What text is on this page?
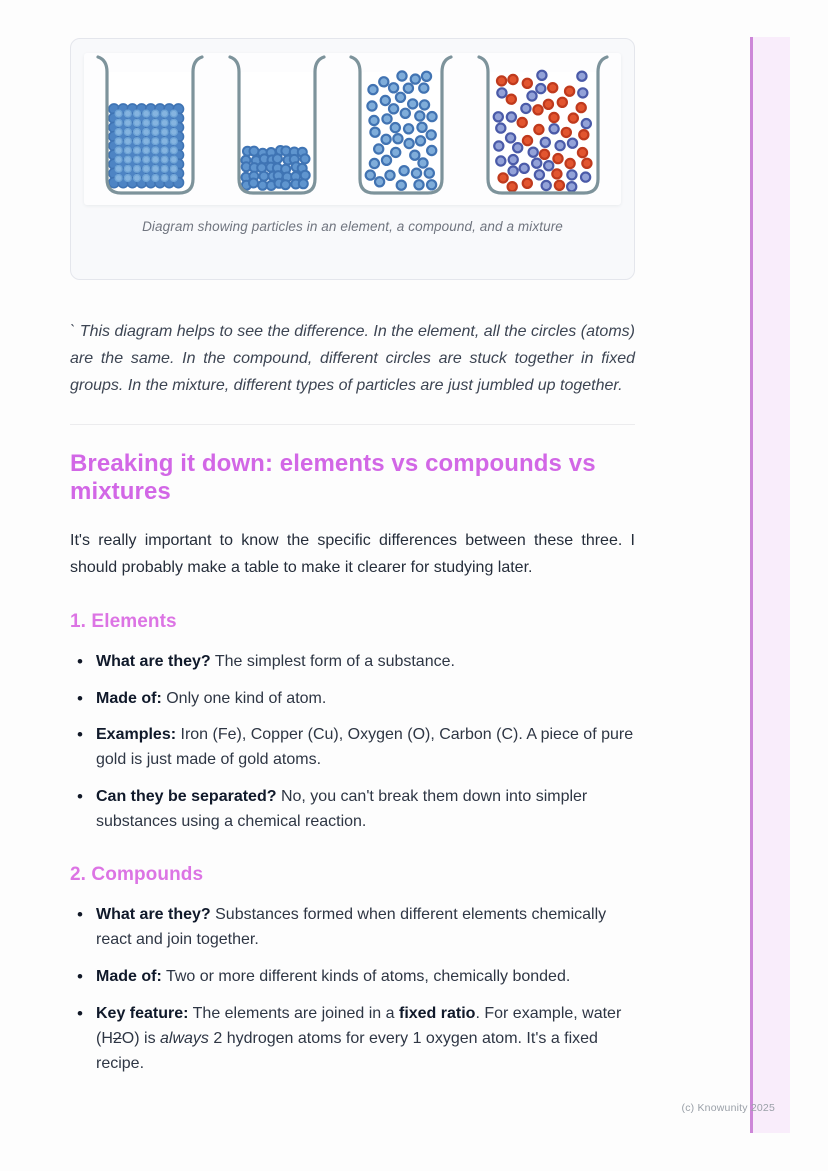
Diagram showing particles in an element, a compound, and a mixture

` This diagram helps to see the difference. In the element, all the circles (atoms) are the same. In the compound, different circles are stuck together in fixed groups. In the mixture, different types of particles are just jumbled up together.

Breaking it down: elements vs compounds vs mixtures

It's really important to know the specific differences between these three. I should probably make a table to make it clearer for studying later.

1. Elements
• What are they? The simplest form of a substance.
• Made of: Only one kind of atom.
• Examples: Iron (Fe), Copper (Cu), Oxygen (O), Carbon (C). A piece of pure gold is just made of gold atoms.
• Can they be separated? No, you can't break them down into simpler substances using a chemical reaction.
2. Compounds
• What are they? Substances formed when different elements chemically react and join together.
• Made of: Two or more different kinds of atoms, chemically bonded.
• Key feature: The elements are joined in a fixed ratio. For example, water (H2O) is always 2 hydrogen atoms for every 1 oxygen atom. It's a fixed recipe.
(c) Knowunity 2025
